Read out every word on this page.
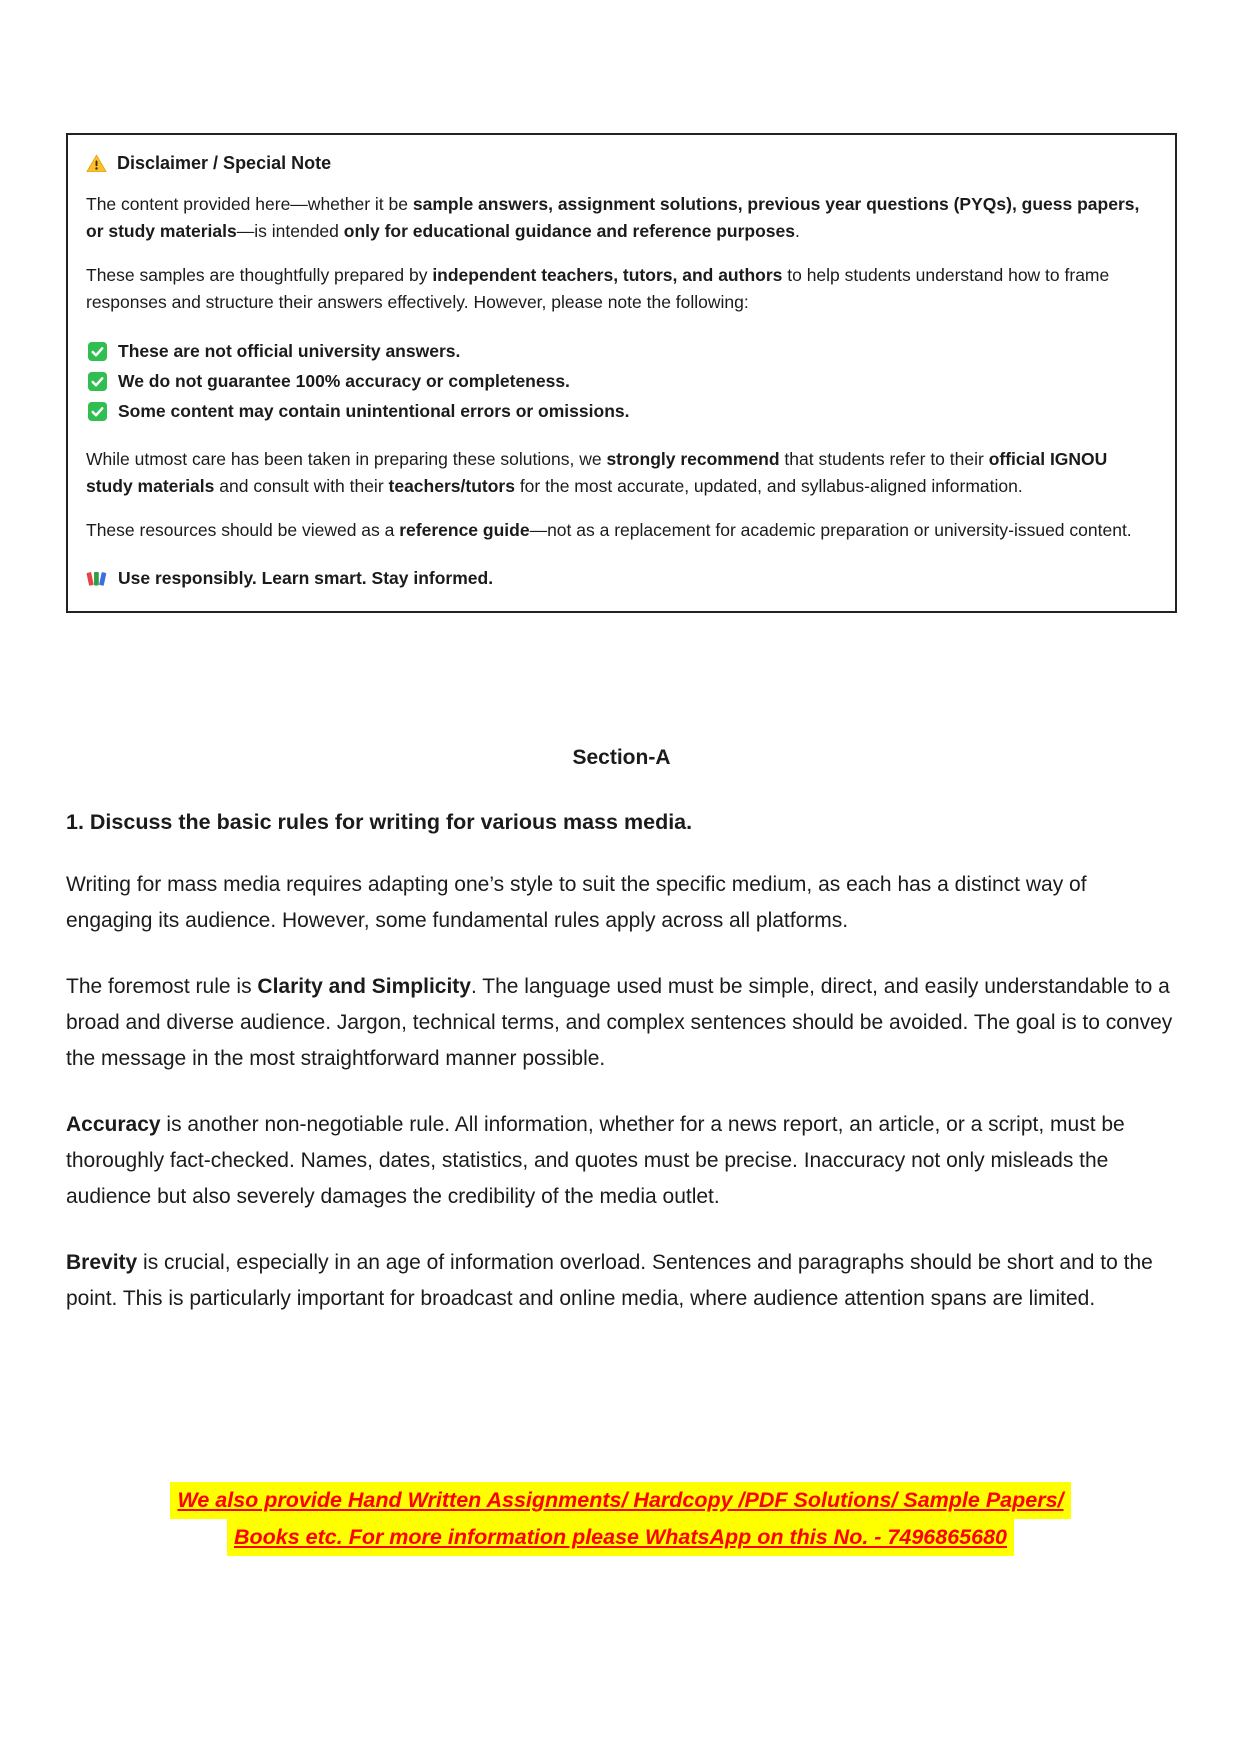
Disclaimer / Special Note

The content provided here—whether it be sample answers, assignment solutions, previous year questions (PYQs), guess papers, or study materials—is intended only for educational guidance and reference purposes.

These samples are thoughtfully prepared by independent teachers, tutors, and authors to help students understand how to frame responses and structure their answers effectively. However, please note the following:

These are not official university answers.
We do not guarantee 100% accuracy or completeness.
Some content may contain unintentional errors or omissions.

While utmost care has been taken in preparing these solutions, we strongly recommend that students refer to their official IGNOU study materials and consult with their teachers/tutors for the most accurate, updated, and syllabus-aligned information.

These resources should be viewed as a reference guide—not as a replacement for academic preparation or university-issued content.

Use responsibly. Learn smart. Stay informed.
Section-A
1. Discuss the basic rules for writing for various mass media.

Writing for mass media requires adapting one’s style to suit the specific medium, as each has a distinct way of engaging its audience. However, some fundamental rules apply across all platforms.

The foremost rule is Clarity and Simplicity. The language used must be simple, direct, and easily understandable to a broad and diverse audience. Jargon, technical terms, and complex sentences should be avoided. The goal is to convey the message in the most straightforward manner possible.

Accuracy is another non-negotiable rule. All information, whether for a news report, an article, or a script, must be thoroughly fact-checked. Names, dates, statistics, and quotes must be precise. Inaccuracy not only misleads the audience but also severely damages the credibility of the media outlet.

Brevity is crucial, especially in an age of information overload. Sentences and paragraphs should be short and to the point. This is particularly important for broadcast and online media, where audience attention spans are limited.

We also provide Hand Written Assignments/ Hardcopy /PDF Solutions/ Sample Papers/
Books etc. For more information please WhatsApp on this No. - 7496865680
